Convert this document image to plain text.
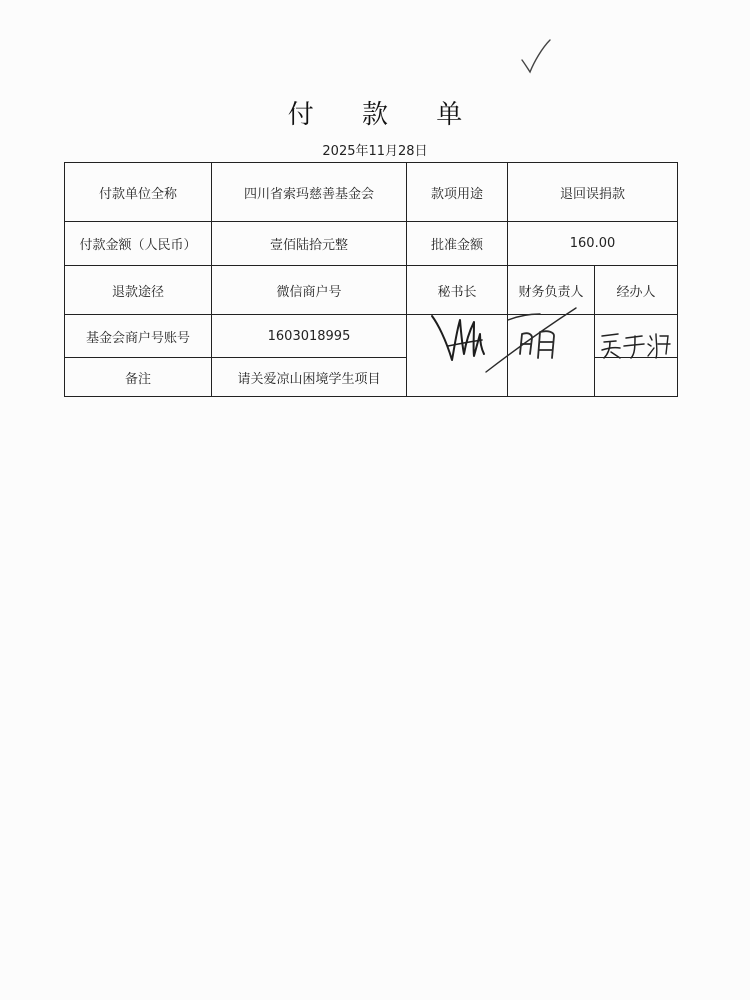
付 款 单
2025年11月28日
付款单位全称	四川省索玛慈善基金会	款项用途	退回误捐款	
付款金额（人民币）	壹佰陆拾元整	批准金额	160.00	
退款途径	微信商户号	秘书长	财务负责人	经办人
基金会商户号账号	1603018995			
备注	请关爱凉山困境学生项目			
